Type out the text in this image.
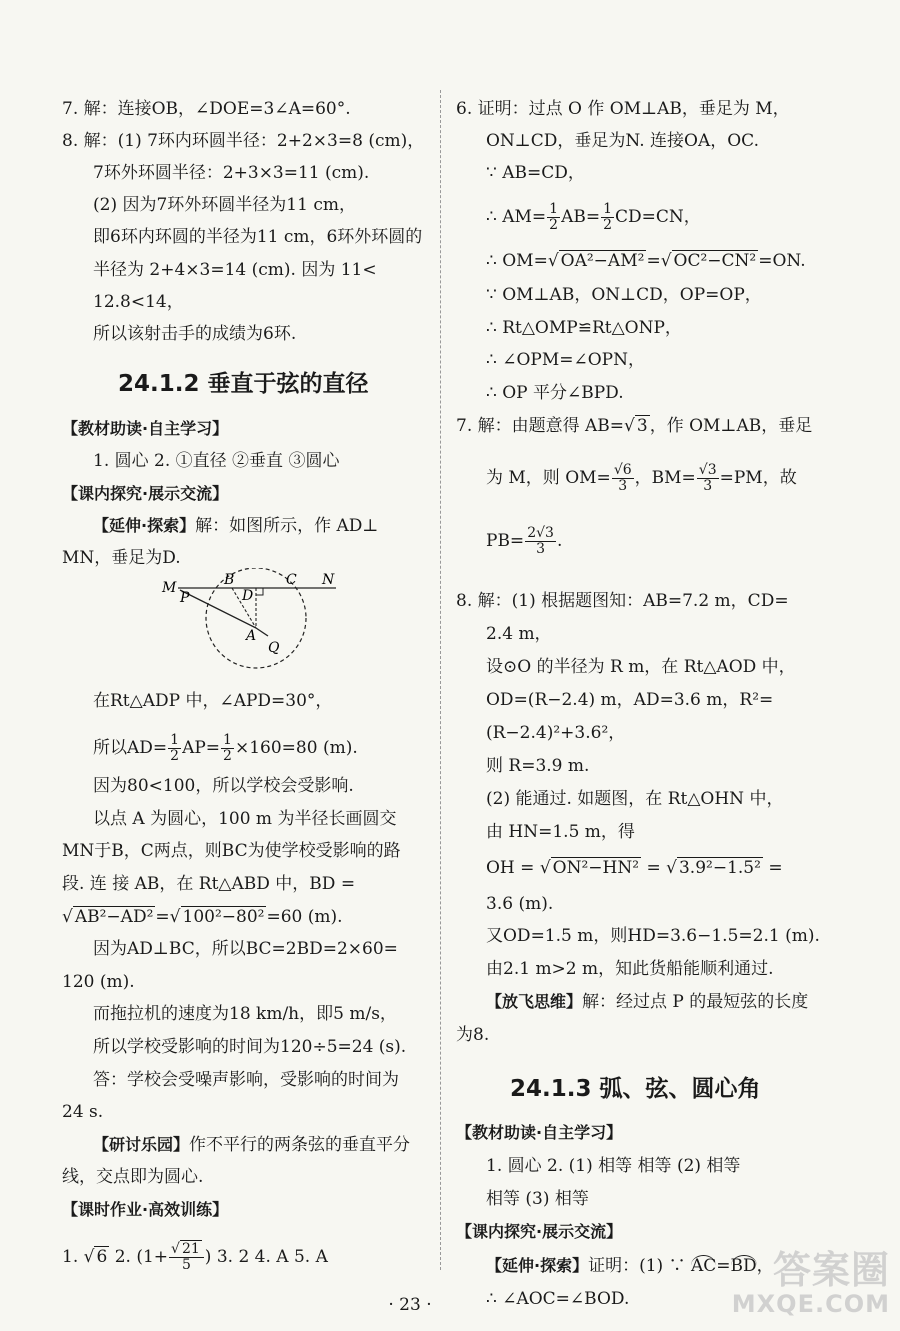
7. 解：连接OB，∠DOE=3∠A=60°.
8. 解：(1) 7环内环圆半径：2+2×3=8 (cm)，
7环外环圆半径：2+3×3=11 (cm).
(2) 因为7环外环圆半径为11 cm，
即6环内环圆的半径为11 cm，6环外环圆的
半径为 2+4×3=14 (cm). 因为 11<
12.8<14，
所以该射击手的成绩为6环.
24.1.2 垂直于弦的直径
【教材助读·自主学习】
1. 圆心 2. ①直径 ②垂直 ③圆心
【课内探究·展示交流】
【延伸·探索】解：如图所示，作 AD⊥
MN，垂足为D.
M
P
B
D
C N
A
Q
在Rt△ADP 中，∠APD=30°，
所以$AD= \frac{1}{2} AP= \frac{1}{2} \times 160=80$ (m).
因为80<100，所以学校会受影响.
以点 A 为圆心，100 m 为半径长画圆交
MN于B，C两点，则BC为使学校受影响的路
段. 连 接 AB，在 Rt△ABD 中，BD =
√ AB²−AD² =√ 100²−80² =60 (m).
因为AD⊥BC，所以BC=2BD=2×60=
120 (m).
而拖拉机的速度为18 km/h，即5 m/s，
所以学校受影响的时间为120÷5=24 (s).
答：学校会受噪声影响，受影响的时间为
24 s.
【研讨乐园】作不平行的两条弦的垂直平分
线，交点即为圆心.
【课时作业·高效训练】
1. √ 6 2. ($1+ \frac{√ 21}{5}$ ) 3. 2 4. A 5. A
6. 证明：过点 O 作 OM⊥AB，垂足为 M，
ON⊥CD，垂足为N. 连接OA，OC.
∵ AB=CD，
∴ $AM= \frac{1}{2} AB= \frac{1}{2} CD=CN$，
∴ OM=√ OA²−AM² =√ OC²−CN² =ON.
∵ OM⊥AB，ON⊥CD，OP=OP，
∴ Rt△OMP≌Rt△ONP，
∴ ∠OPM=∠OPN，
∴ OP 平分∠BPD.
7. 解：由题意得 AB=√ 3 ，作 OM⊥AB，垂足
为 M，则 $OM= \frac{√6}{3}$ ，$BM= \frac{√3}{3} =PM$，故
$PB= \frac{2√3}{3}$ .
8. 解：(1) 根据题图知：AB=7.2 m，CD=
2.4 m，
设⊙O 的半径为 R m，在 Rt△AOD 中，
OD=(R−2.4) m，AD=3.6 m，R²=
(R−2.4)²+3.6²，
则 R=3.9 m.
(2) 能通过. 如题图，在 Rt△OHN 中，
由 HN=1.5 m，得
OH = √ ON²−HN² = √ 3.9²−1.5² =
3.6 (m).
又OD=1.5 m，则HD=3.6−1.5=2.1 (m).
由2.1 m>2 m，知此货船能顺利通过.
【放飞思维】解：经过点 P 的最短弦的长度
为8.
24.1.3 弧、弦、圆心角
【教材助读·自主学习】
1. 圆心 2. (1) 相等 相等 (2) 相等
相等 (3) 相等
【课内探究·展示交流】
【延伸·探索】证明：(1) ∵ AC=BD，
∴ ∠AOC=∠BOD.
· 23 ·
答案圈
MXQE.COM
